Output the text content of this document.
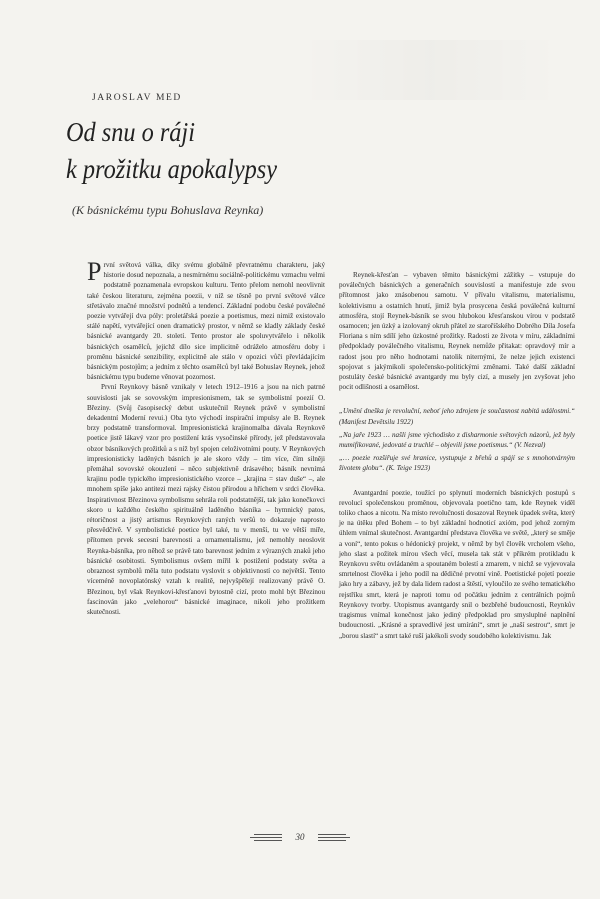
JAROSLAV MED
Od snu o ráji
k prožitku apokalypsy
(K básnickému typu Bohuslava Reynka)

První světová válka, díky svému globálně převratnému charakteru, jaký historie dosud nepoznala, a nesmírnému sociálně-politickému vzmachu velmi podstatně poznamenala evropskou kulturu. Tento přelom nemohl neovlivnit také českou literaturu, zejména poezii, v níž se těsně po první světové válce střetávalo značné množství podnětů a tendencí. Základní podobu české poválečné poezie vytvářejí dva póly: proletářská poezie a poetismus, mezi nimiž existovalo stálé napětí, vytvářející onen dramatický prostor, v němž se kladly základy české básnické avantgardy 20. století. Tento prostor ale spoluvytvářelo i několik básnických osamělců, jejichž dílo sice implicitně odráželo atmosféru doby i proměnu básnické senzibility, explicitně ale stálo v opozici vůči převládajícím básnickým postojům; a jedním z těchto osamělců byl také Bohuslav Reynek, jehož básnickému typu budeme věnovat pozornost.

První Reynkovy básně vznikaly v letech 1912–1916 a jsou na nich patrné souvislosti jak se sovovským impresionismem, tak se symbolistní poezií O. Březiny. (Svůj časopisecký debut uskutečnil Reynek právě v symbolistní dekadentní Moderní revui.) Oba tyto východí inspirační impulsy ale B. Reynek brzy podstatně transformoval. Impresionistická krajinomalba dávala Reynkově poetice jistě lákavý vzor pro postižení krás vysočinské přírody, jež představovala obzor básníkových prožitků a s níž byl spojen celoživotními pouty. V Reynkových impresionisticky laděných básních je ale skoro vždy – tím více, čím silněji přemáhal sovovské okouzlení – něco subjektivně drásavého; básník nevnímá krajinu podle typického impresionistického vzorce – „krajina = stav duše“ –, ale mnohem spíše jako antitezi mezi rajsky čistou přírodou a hříchem v srdci člověka. Inspirativnost Březinova symbolismu sehrála roli podstatnější, tak jako konečkovci skoro u každého českého spirituálně laděného básníka – hymnický patos, rétoričnost a jistý artismus Reynkových raných veršů to dokazuje naprosto přesvědčivě. V symbolistické poetice byl také, tu v menší, tu ve větší míře, přítomen prvek secesní barevnosti a ornamentalismu, jež nemohly neoslovit Reynka-básníka, pro něhož se právě tato barevnost jedním z výrazných znaků jeho básnické osobitosti. Symbolismus ovšem mířil k postižení podstaty světa a obraznost symbolů měla tuto podstatu vyslovit s objektivností co největší. Tento víceméně novoplatónský vztah k realitě, nejvyšpělejí realizovaný právě O. Březinou, byl však Reynkovi-křesťanovi bytostně cizí, proto mohl být Březinou fascinován jako „velehorou“ básnické imaginace, nikoli jeho prožitkem skutečnosti.

Reynek-křesťan – vybaven těmito básnickými zážitky – vstupuje do poválečných básnických a generačních souvislostí a manifestuje zde svou přítomnost jako znásobenou samotu. V přívalu vitalismu, materialismu, kolektivismu a ostatních hnutí, jimiž byla prosycena česká poválečná kulturní atmosféra, stojí Reynek-básník se svou hlubokou křesťanskou vírou v podstatě osamocen; jen úzký a izolovaný okruh přátel ze starořišského Dobrého Díla Josefa Floriana s ním sdílí jeho úzkostné prožitky. Radosti ze života v míru, základními předpoklady poválečného vitalismu, Reynek nemůže přitakat: opravdový mír a radost jsou pro něho hodnotami natolik niternými, že nelze jejich existenci spojovat s jakýmikoli společensko-politickými změnami. Také další základní postuláty české básnické avantgardy mu byly cizí, a musely jen zvyšovat jeho pocit odlišnosti a osamělost.

„Umění dneška je revoluční, neboť jeho zdrojem je současnost nabitá událostmi.“ (Manifest Devětsilu 1922)

„Na jaře 1923 … našli jsme východisko z disharmonie světových názorů, jež byly mumifikované, jedovaté a truchlé – objevili jsme poetismus.“ (V. Nezval)

„… poezie rozšiřuje své hranice, vystupuje z břehů a spájí se s mnohotvárným životem globu“. (K. Teige 1923)

Avantgardní poezie, toužící po splynutí moderních básnických postupů s revolucí společenskou proměnou, objevovala poetično tam, kde Reynek viděl toliko chaos a nicotu. Na místo revolučnosti dosazoval Reynek úpadek světa, který je na útěku před Bohem – to byl základní hodnoticí axióm, pod jehož zorným úhlem vnímal skutečnost. Avantgardní představa člověka ve světě, „který se směje a voní“, tento pokus o hédonický projekt, v němž by byl člověk vrcholem všeho, jeho slast a požitek mírou všech věcí, musela tak stát v příkrém protikladu k Reynkovu světu ovládaném a spoutaném bolestí a zmarem, v nichž se vyjevovala smrtelnost člověka i jeho podíl na dědičné prvotní vině. Poetistické pojetí poezie jako hry a zábavy, jež by dala lidem radost a štěstí, vyloučilo ze svého tematického rejstříku smrt, která je naproti tomu od počátku jedním z centrálních pojmů Reynkovy tvorby. Utopismus avantgardy snil o bezbřehé budoucnosti, Reynkův tragismus vnímal konečnost jako jediný předpoklad pro smysluplné naplnění budoucnosti. „Krásné a spravedlivé jest umírání“, smrt je „naší sestrou“, smrt je „borou slastí“ a smrt také ruší jakékoli svody soudobého kolektivismu. Jak

30
